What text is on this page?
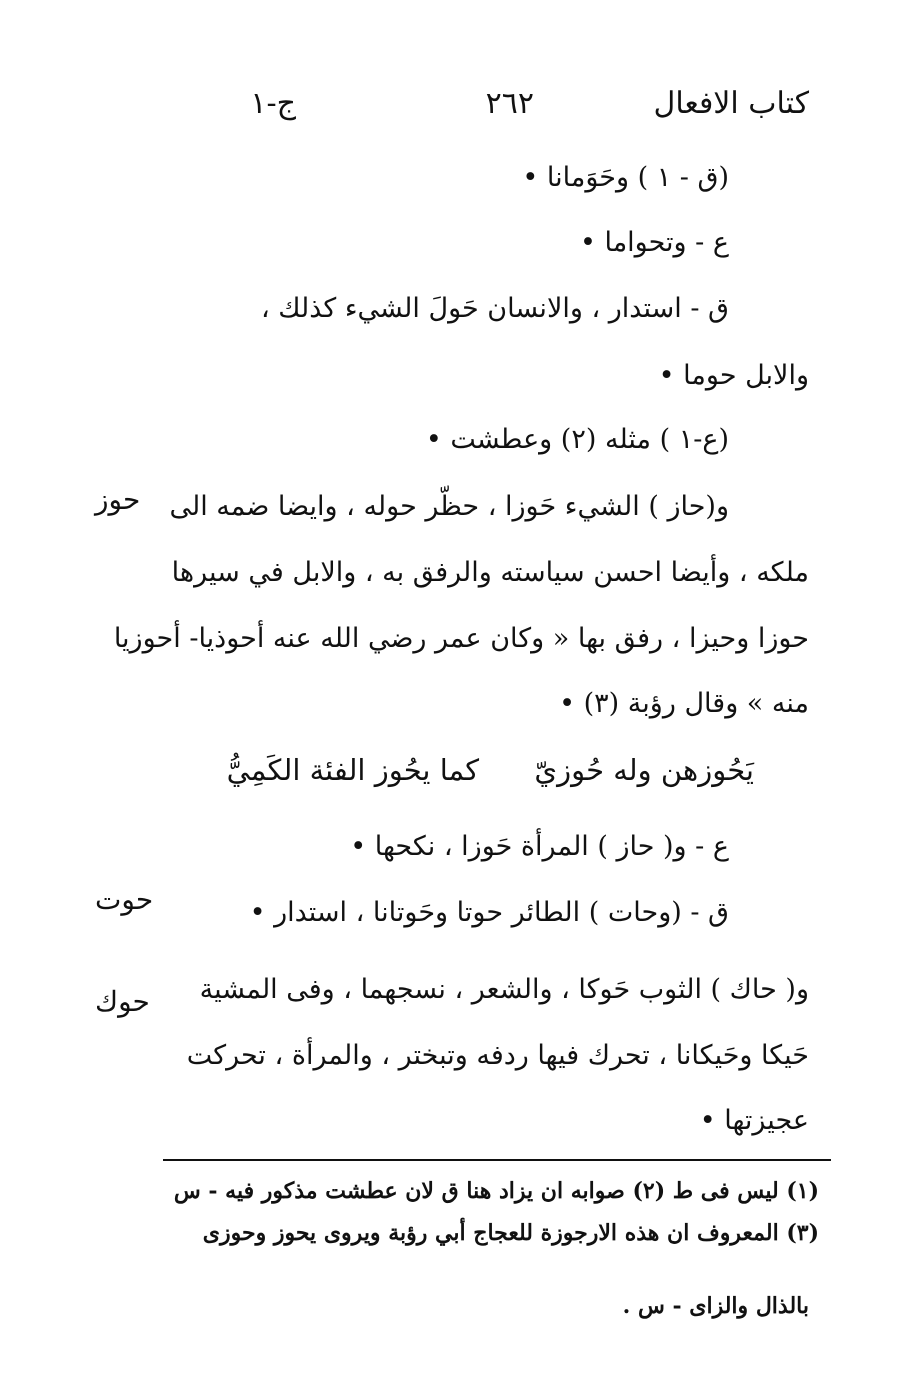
كتاب الافعال
٢٦٢
ج-١
حوز
حوت
حوك
(ق - ١ ) وحَوَمانا •
ع - وتحواما •
ق - استدار ، والانسان حَولَ الشيء كذلك ،
والابل حوما •
(ع-١ ) مثله (٢) وعطشت •
و(حاز ) الشيء حَوزا ، حظّر حوله ، وايضا ضمه الى
ملكه ، وأيضا احسن سياسته والرفق به ، والابل في سيرها
حوزا وحيزا ، رفق بها « وكان عمر رضي الله عنه أحوذيا- أحوزيا
منه » وقال رؤبة (٣) •
يَحُوزهن وله حُوزيّ      كما يحُوز الفئة الكَمِيُّ
ع - و( حاز ) المرأة حَوزا ، نكحها •
ق - (وحات ) الطائر حوتا وحَوتانا ، استدار •
و( حاك ) الثوب حَوكا ، والشعر ، نسجهما ، وفى المشية
حَيكا وحَيكانا ، تحرك فيها ردفه وتبختر ، والمرأة ، تحركت
عجيزتها •
(١) ليس فى ط (٢) صوابه ان يزاد هنا ق لان عطشت مذكور فيه - س
(٣) المعروف ان هذه الارجوزة للعجاج أبي رؤبة ويروى يحوز وحوزى
بالذال والزاى - س .
